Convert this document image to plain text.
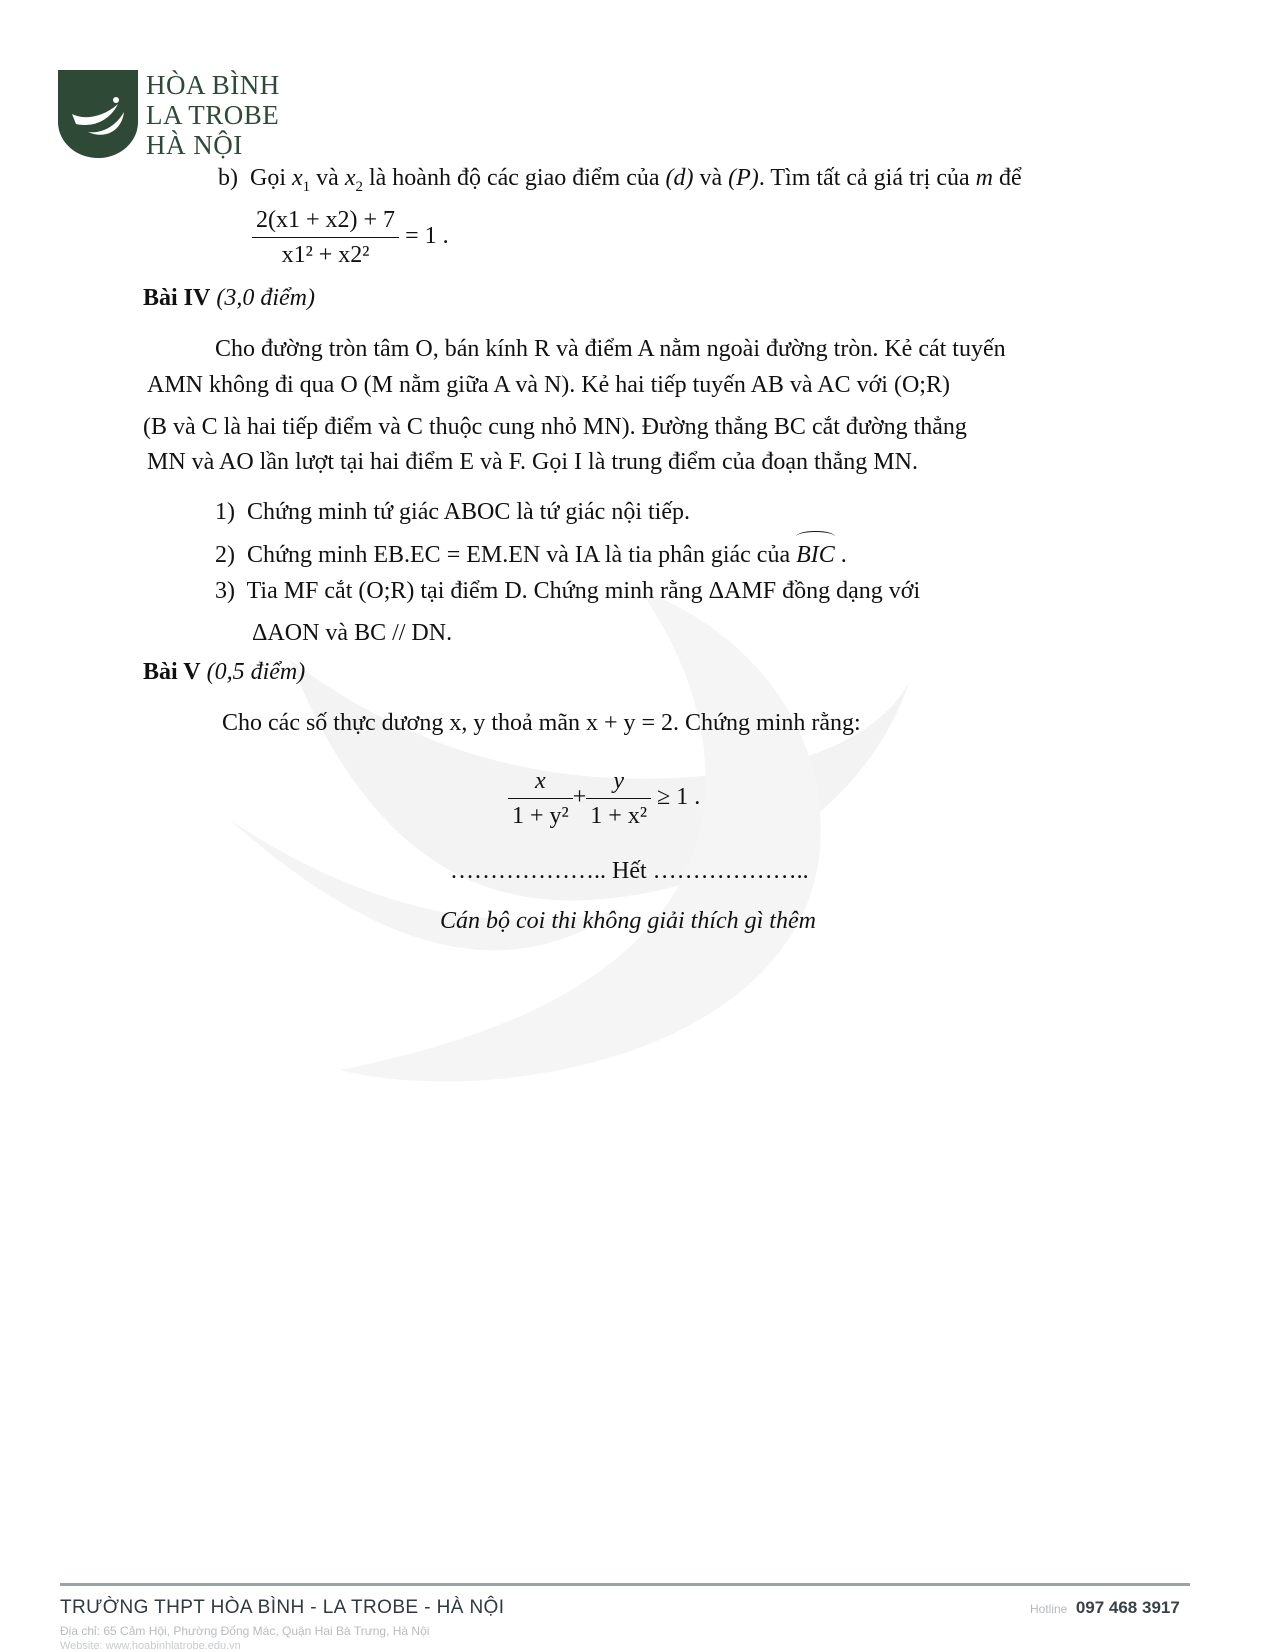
HÒA BÌNH
LA TROBE
HÀ NỘI
b) Gọi $x_1$ và $x_2$ là hoành độ các giao điểm của (d) và (P). Tìm tất cả giá trị của m để
$\frac{2(x1 + x2) + 7}{\text{x1² + x2²}} = 1$ .
Bài IV (3,0 điểm)
Cho đường tròn tâm O, bán kính R và điểm A nằm ngoài đường tròn. Kẻ cát tuyến
AMN không đi qua O (M nằm giữa A và N). Kẻ hai tiếp tuyến AB và AC với (O;R)
(B và C là hai tiếp điểm và C thuộc cung nhỏ MN). Đường thẳng BC cắt đường thẳng
MN và AO lần lượt tại hai điểm E và F. Gọi I là trung điểm của đoạn thẳng MN.
1) Chứng minh tứ giác ABOC là tứ giác nội tiếp.
2) Chứng minh EB.EC = EM.EN và IA là tia phân giác của BIC .
3) Tia MF cắt (O;R) tại điểm D. Chứng minh rằng ΔAMF đồng dạng với
ΔAON và BC // DN.
Bài V (0,5 điểm)
Cho các số thực dương x, y thoả mãn x + y = 2. Chứng minh rằng:
$\frac{x}{\text{1 + y²}} + \frac{y}{\text{1 + x²}} \ge 1$ .
……………….. Hết ………………..
Cán bộ coi thi không giải thích gì thêm
TRƯỜNG THPT HÒA BÌNH - LA TROBE - HÀ NỘI
Địa chỉ: 65 Cảm Hội, Phường Đống Mác, Quận Hai Bà Trưng, Hà Nội
Website: www.hoabinhlatrobe.edu.vn
Hotline 097 468 3917
